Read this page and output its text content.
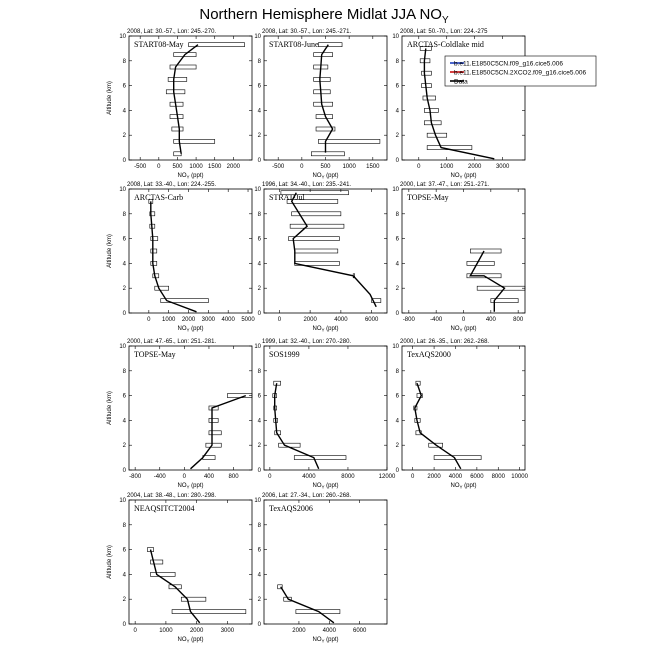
Northern Hemisphere Midlat JJA $NO_Y$
2008, Lat: 30.-57., Lon: 245.-270.
0
2
4
6
8
10
-500 0 500 1000 1500 2000
$NO_Y$ (ppt)
Altitude (km)
START08-May
2008, Lat: 30.-57., Lon: 245.-271.
0
2
4
6
8
10
-500	0	500 1000 1500
$NO_Y$ (ppt)
START08-June
2008, Lat: 50.-70., Lon: 224.-275
0
2
4
6
8
10
0	1000 2000 3000
$NO_Y$ (ppt)
ARCTAS-Coldlake mid
2008, Lat: 33.-40., Lon: 224.-255.
0
2
4
6
8
10
0 1000 2000 3000 4000 5000
$NO_Y$ (ppt)
Altitude (km)
ARCTAS-Carb
1996, Lat: 34.-40., Lon: 235.-241.
0
2
4
6
8
10
0	2000	4000	6000
$NO_Y$ (ppt)
STRAT-Jul
2000, Lat: 37.-47., Lon: 251.-271.
0
2
4
6
8
10
-800	-400	0	400	800
$NO_Y$ (ppt)
TOPSE-May
2000, Lat: 47.-65., Lon: 251.-281.
0
2
4
6
8
10
-800 -400	0	400 800
$NO_Y$ (ppt)
Altitude (km)
TOPSE-May
1999, Lat: 32.-40., Lon: 270.-280.
0
2
4
6
8
10
0	4000	8000	12000
$NO_Y$ (ppt)
SOS1999
2000, Lat: 26.-35., Lon: 262.-268.
0
2
4
6
8
10
0 2000 4000 6000 8000 10000
$NO_Y$ (ppt)
TexAQS2000
2004, Lat: 38.-48., Lon: 280.-298.
0
2
4
6
8
10
0	1000	2000	3000
$NO_Y$ (ppt)
Altitude (km)
NEAQSITCT2004
2006, Lat: 27.-34., Lon: 260.-268.
0
2
4
6
8
10
2000	4000	6000
$NO_Y$ (ppt)
TexAQS2006
b.e11.E1850C5CN.f09_g16.cice5.006
b.e11.E1850C5CN.2XCO2.f09_g16.cice5.006
Data
